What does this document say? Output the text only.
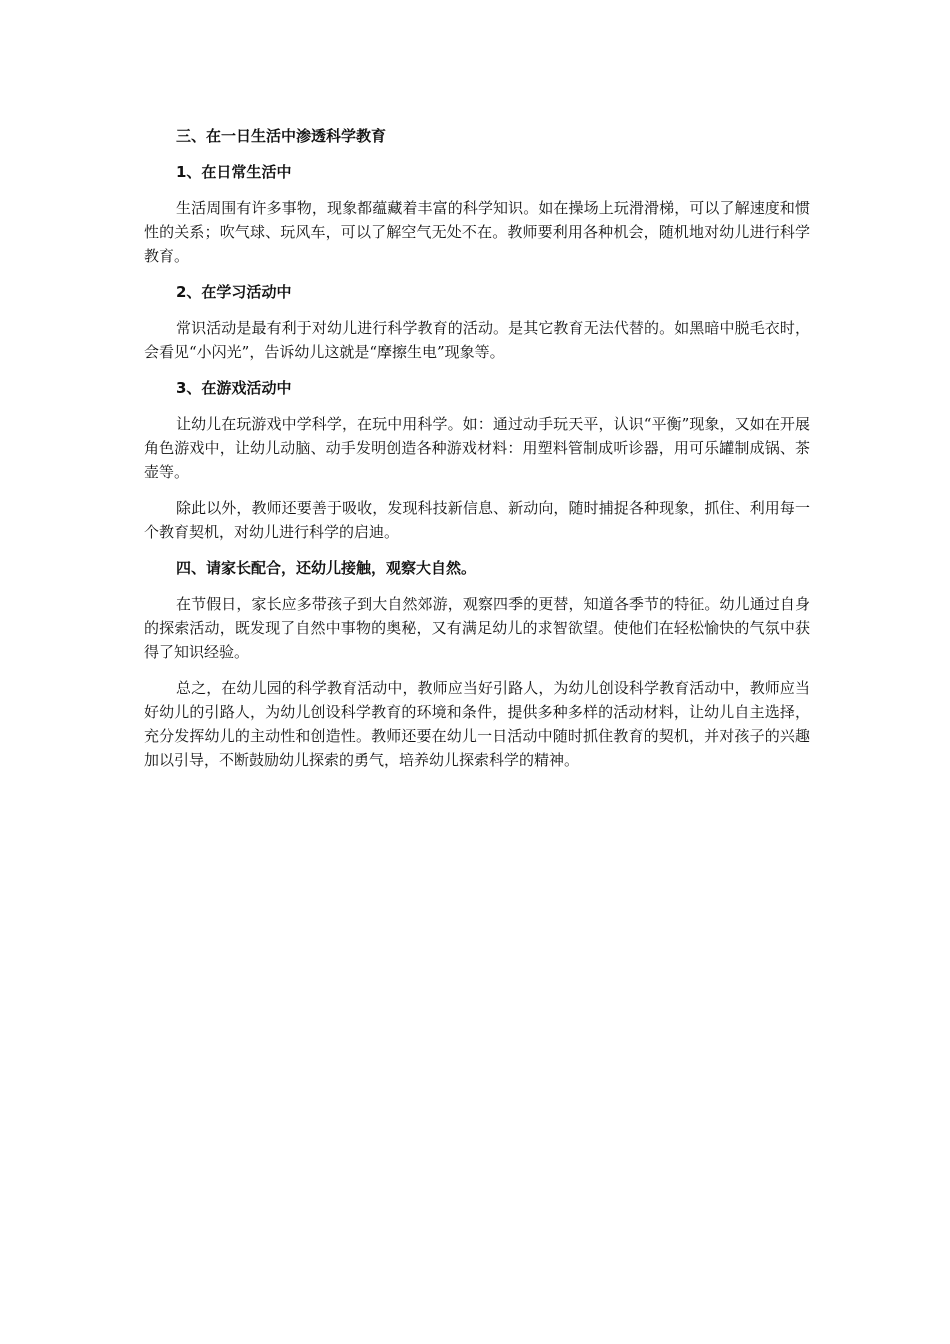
三、在一日生活中渗透科学教育
1、在日常生活中

生活周围有许多事物，现象都蕴藏着丰富的科学知识。如在操场上玩滑滑梯，可以了解速度和惯性的关系；吹气球、玩风车，可以了解空气无处不在。教师要利用各种机会，随机地对幼儿进行科学教育。

2、在学习活动中

常识活动是最有利于对幼儿进行科学教育的活动。是其它教育无法代替的。如黑暗中脱毛衣时，会看见“小闪光”，告诉幼儿这就是“摩擦生电”现象等。

3、在游戏活动中

让幼儿在玩游戏中学科学，在玩中用科学。如：通过动手玩天平，认识“平衡”现象，又如在开展角色游戏中，让幼儿动脑、动手发明创造各种游戏材料：用塑料管制成听诊器，用可乐罐制成锅、茶壶等。

除此以外，教师还要善于吸收，发现科技新信息、新动向，随时捕捉各种现象，抓住、利用每一个教育契机，对幼儿进行科学的启迪。

四、请家长配合，还幼儿接触，观察大自然。

在节假日，家长应多带孩子到大自然郊游，观察四季的更替，知道各季节的特征。幼儿通过自身的探索活动，既发现了自然中事物的奥秘，又有满足幼儿的求智欲望。使他们在轻松愉快的气氛中获得了知识经验。

总之，在幼儿园的科学教育活动中，教师应当好引路人，为幼儿创设科学教育活动中，教师应当好幼儿的引路人，为幼儿创设科学教育的环境和条件，提供多种多样的活动材料，让幼儿自主选择，充分发挥幼儿的主动性和创造性。教师还要在幼儿一日活动中随时抓住教育的契机，并对孩子的兴趣加以引导，不断鼓励幼儿探索的勇气，培养幼儿探索科学的精神。
